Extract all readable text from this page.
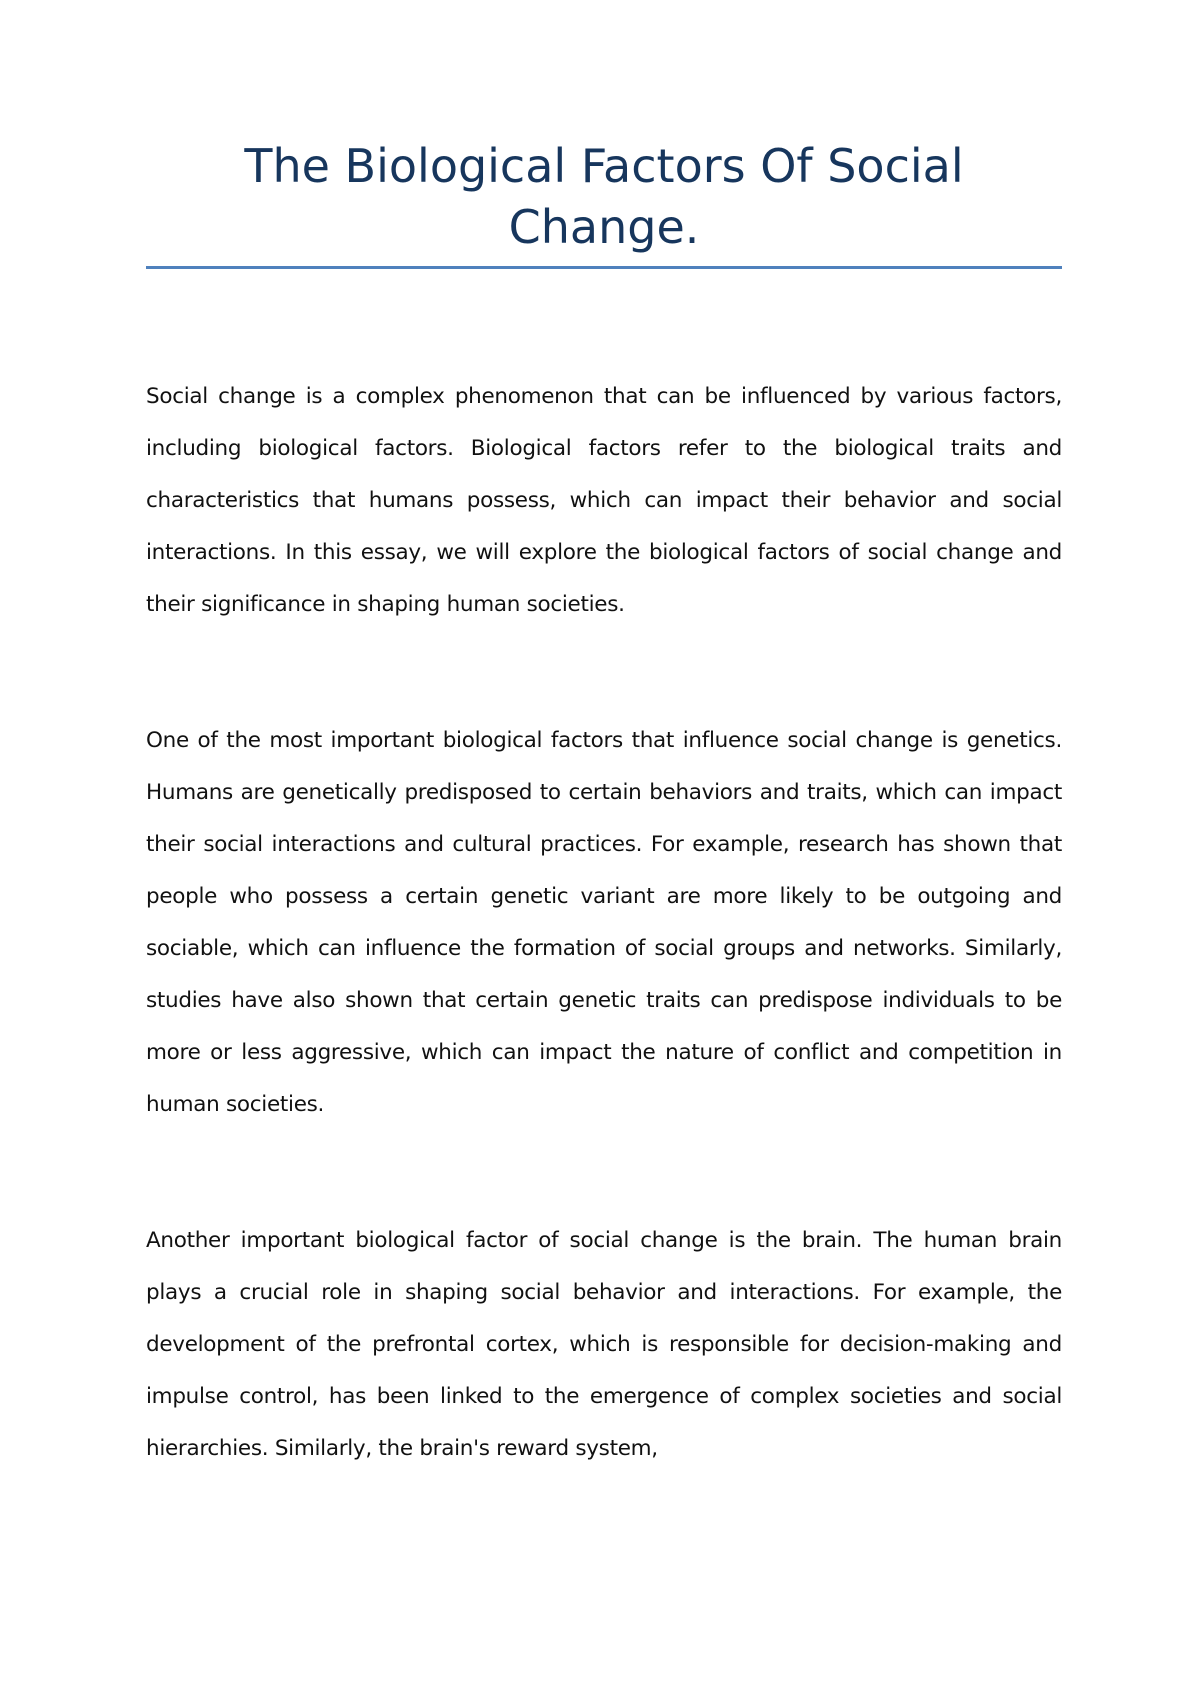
The Biological Factors Of Social Change.

Social change is a complex phenomenon that can be influenced by various factors, including biological factors. Biological factors refer to the biological traits and characteristics that humans possess, which can impact their behavior and social interactions. In this essay, we will explore the biological factors of social change and their significance in shaping human societies.

One of the most important biological factors that influence social change is genetics. Humans are genetically predisposed to certain behaviors and traits, which can impact their social interactions and cultural practices. For example, research has shown that people who possess a certain genetic variant are more likely to be outgoing and sociable, which can influence the formation of social groups and networks. Similarly, studies have also shown that certain genetic traits can predispose individuals to be more or less aggressive, which can impact the nature of conflict and competition in human societies.

Another important biological factor of social change is the brain. The human brain plays a crucial role in shaping social behavior and interactions. For example, the development of the prefrontal cortex, which is responsible for decision-making and impulse control, has been linked to the emergence of complex societies and social hierarchies. Similarly, the brain's reward system,
